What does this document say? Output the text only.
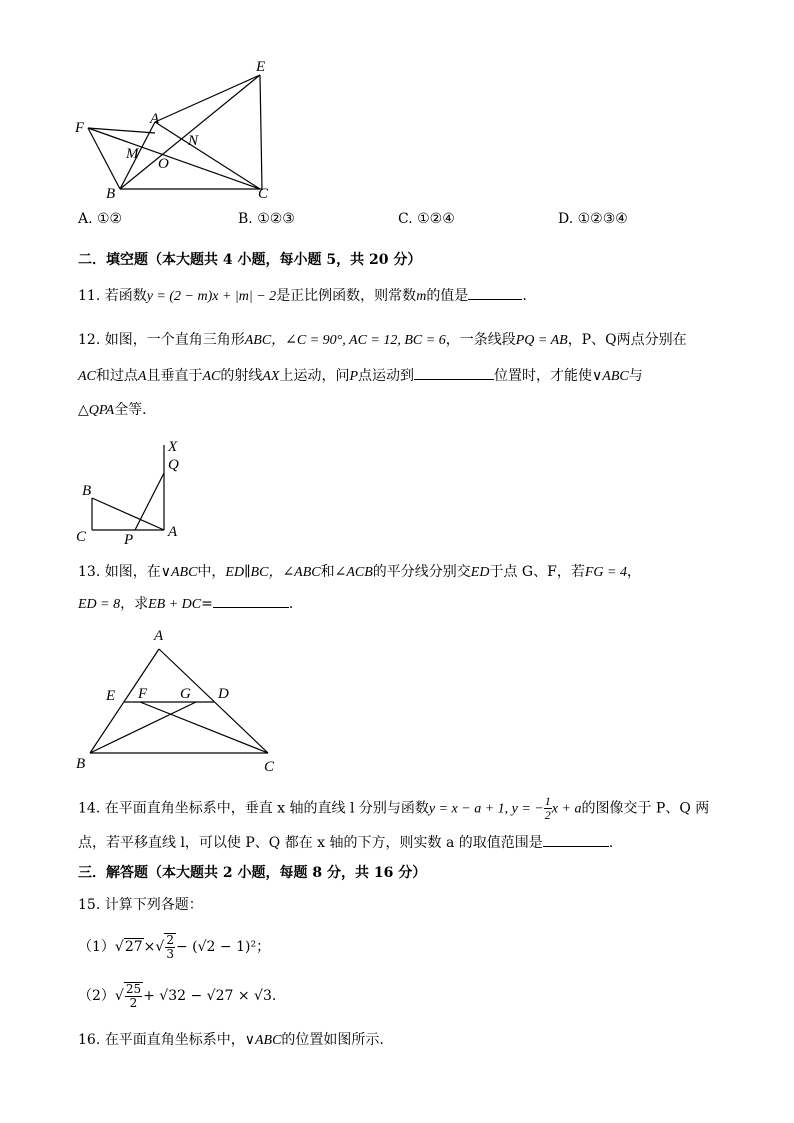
E
A
F
N
M
O
B	C
A. ①②	B. ①②③	C. ①②④	D. ①②③④
二．填空题（本大题共 4 小题，每小题 5，共 20 分）
11. 若函数y = (2 − m)x + |m| − 2是正比例函数，则常数m的值是	.
12. 如图，一个直角三角形ABC，∠C = 90°, AC = 12, BC = 6，一条线段PQ = AB，P、Q两点分别在
AC和过点A且垂直于AC的射线AX上运动，问P点运动到	位置时，才能使∨ABC与
△QPA全等．
X
Q
B
C	P A
13. 如图，在∨ABC中，ED∥BC，∠ABC和∠ACB的平分线分别交ED于点 G、F，若FG = 4，
ED = 8，求EB + DC=	.
A
E F G D
B	C
14. 在平面直角坐标系中，垂直 x 轴的直线 l 分别与函数y = x − a + 1, y = − $\frac{1}{2}$ x + a的图像交于 P、Q 两
点，若平移直线 l，可以使 P、Q 都在 x 轴的下方，则实数 a 的取值范围是	.
三．解答题（本大题共 2 小题，每题 8 分，共 16 分）
15. 计算下列各题：
$(1)√27\times√ \frac{2}{3} - (√2 - 1)^2$；
$(2)√ \frac{25}{2} + √32 - √27 \times √3$.
16. 在平面直角坐标系中，∨ABC的位置如图所示.
